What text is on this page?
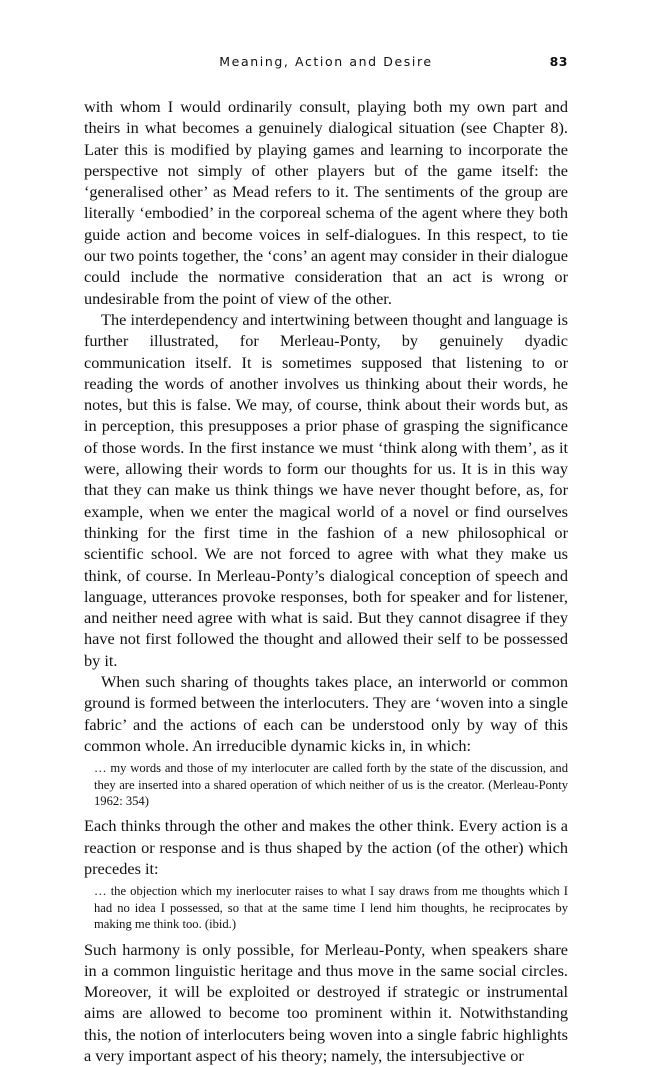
Meaning, Action and Desire	83

with whom I would ordinarily consult, playing both my own part and theirs in what becomes a genuinely dialogical situation (see Chapter 8). Later this is modified by playing games and learning to incorporate the perspective not simply of other players but of the game itself: the ‘generalised other’ as Mead refers to it. The sentiments of the group are literally ‘embodied’ in the corporeal schema of the agent where they both guide action and become voices in self-dialogues. In this respect, to tie our two points together, the ‘cons’ an agent may consider in their dialogue could include the normative consideration that an act is wrong or undesirable from the point of view of the other.

The interdependency and intertwining between thought and language is further illustrated, for Merleau-Ponty, by genuinely dyadic communication itself. It is sometimes supposed that listening to or reading the words of another involves us thinking about their words, he notes, but this is false. We may, of course, think about their words but, as in perception, this presupposes a prior phase of grasping the significance of those words. In the first instance we must ‘think along with them’, as it were, allowing their words to form our thoughts for us. It is in this way that they can make us think things we have never thought before, as, for example, when we enter the magical world of a novel or find ourselves thinking for the first time in the fashion of a new philosophical or scientific school. We are not forced to agree with what they make us think, of course. In Merleau-Ponty’s dialogical conception of speech and language, utterances provoke responses, both for speaker and for listener, and neither need agree with what is said. But they cannot disagree if they have not first followed the thought and allowed their self to be possessed by it.

When such sharing of thoughts takes place, an interworld or common ground is formed between the interlocuters. They are ‘woven into a single fabric’ and the actions of each can be understood only by way of this common whole. An irreducible dynamic kicks in, in which:

… my words and those of my interlocuter are called forth by the state of the discussion, and they are inserted into a shared operation of which neither of us is the creator. (Merleau-Ponty 1962: 354)

Each thinks through the other and makes the other think. Every action is a reaction or response and is thus shaped by the action (of the other) which precedes it:

… the objection which my inerlocuter raises to what I say draws from me thoughts which I had no idea I possessed, so that at the same time I lend him thoughts, he reciprocates by making me think too. (ibid.)

Such harmony is only possible, for Merleau-Ponty, when speakers share in a common linguistic heritage and thus move in the same social circles. Moreover, it will be exploited or destroyed if strategic or instrumental aims are allowed to become too prominent within it. Notwithstanding this, the notion of interlocuters being woven into a single fabric highlights a very important aspect of his theory; namely, the intersubjective or
